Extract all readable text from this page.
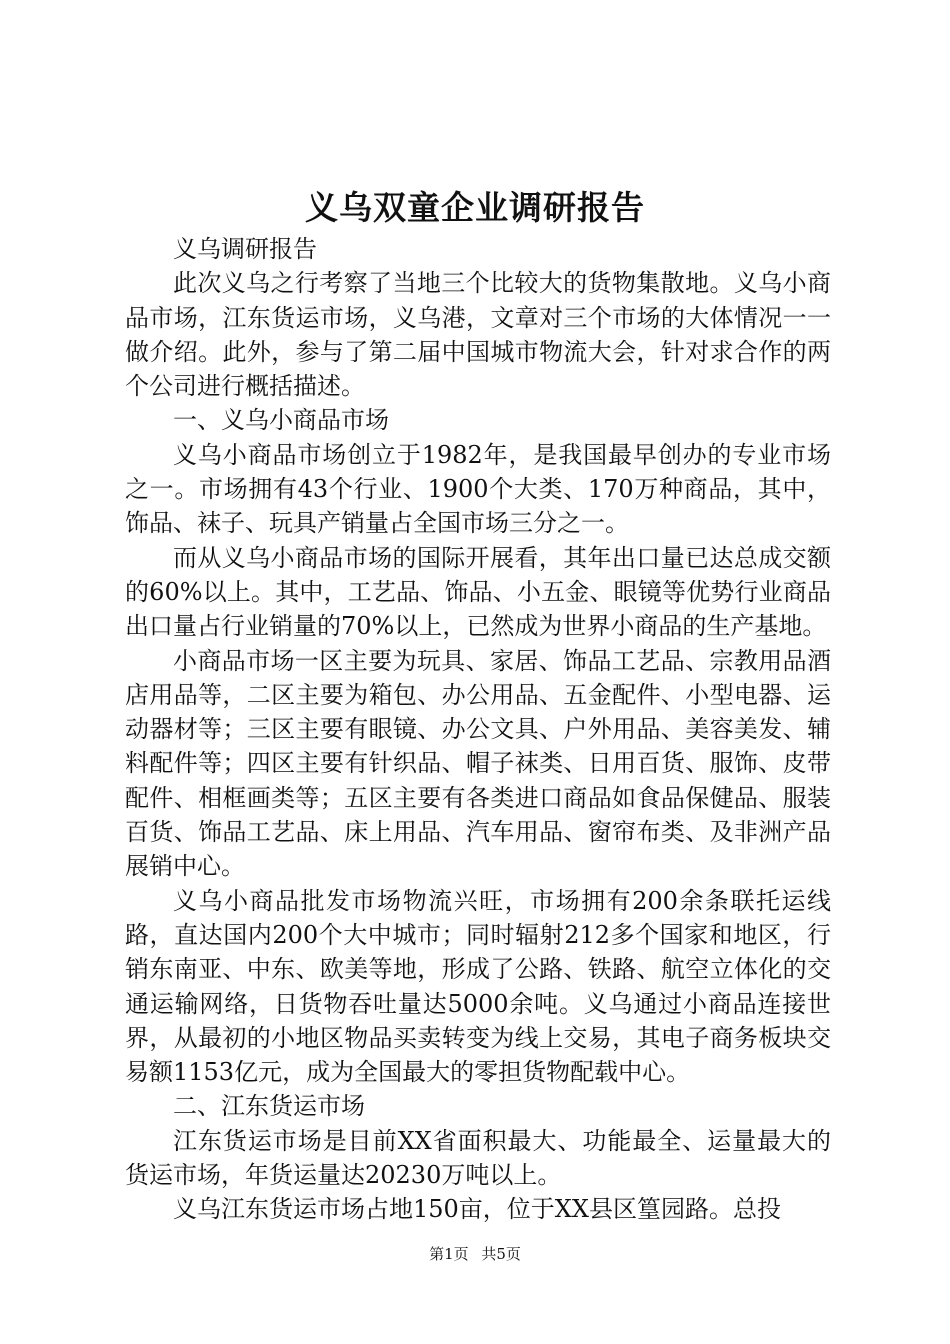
义乌双童企业调研报告

义乌调研报告

此次义乌之行考察了当地三个比较大的货物集散地。义乌小商品市场，江东货运市场，义乌港，文章对三个市场的大体情况一一做介绍。此外，参与了第二届中国城市物流大会，针对求合作的两个公司进行概括描述。

一、义乌小商品市场

义乌小商品市场创立于1982年，是我国最早创办的专业市场之一。市场拥有43个行业、1900个大类、170万种商品，其中，饰品、袜子、玩具产销量占全国市场三分之一。

而从义乌小商品市场的国际开展看，其年出口量已达总成交额的60%以上。其中，工艺品、饰品、小五金、眼镜等优势行业商品出口量占行业销量的70%以上，已然成为世界小商品的生产基地。

小商品市场一区主要为玩具、家居、饰品工艺品、宗教用品酒店用品等，二区主要为箱包、办公用品、五金配件、小型电器、运动器材等；三区主要有眼镜、办公文具、户外用品、美容美发、辅料配件等；四区主要有针织品、帽子袜类、日用百货、服饰、皮带配件、相框画类等；五区主要有各类进口商品如食品保健品、服装百货、饰品工艺品、床上用品、汽车用品、窗帘布类、及非洲产品展销中心。

义乌小商品批发市场物流兴旺，市场拥有200余条联托运线路，直达国内200个大中城市；同时辐射212多个国家和地区，行销东南亚、中东、欧美等地，形成了公路、铁路、航空立体化的交通运输网络，日货物吞吐量达5000余吨。义乌通过小商品连接世界，从最初的小地区物品买卖转变为线上交易，其电子商务板块交易额1153亿元，成为全国最大的零担货物配载中心。

二、江东货运市场

江东货运市场是目前XX省面积最大、功能最全、运量最大的货运市场，年货运量达20230万吨以上。

义乌江东货运市场占地150亩，位于XX县区篁园路。总投

第1页 共5页
